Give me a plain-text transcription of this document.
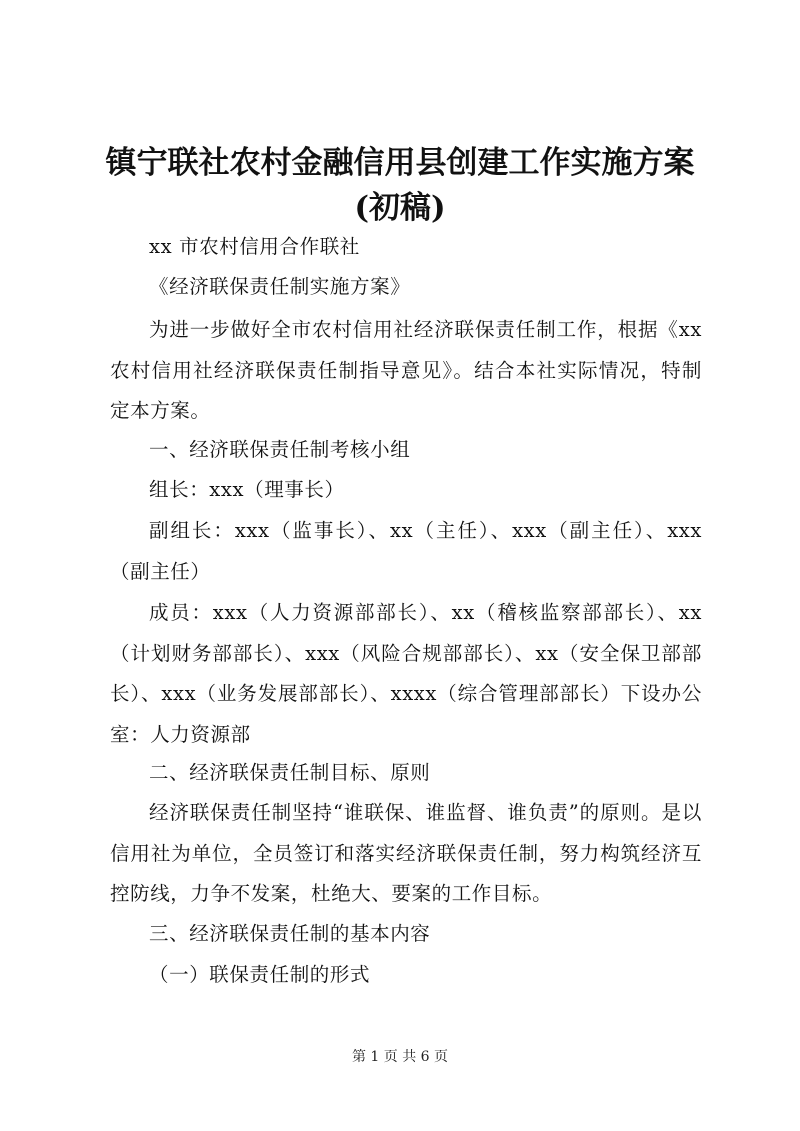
镇宁联社农村金融信用县创建工作实施方案
(初稿)

xx 市农村信用合作联社

《经济联保责任制实施方案》

为进一步做好全市农村信用社经济联保责任制工作，根据《xx农村信用社经济联保责任制指导意见》。结合本社实际情况，特制定本方案。

一、经济联保责任制考核小组

组长：xxx（理事长）

副组长：xxx（监事长）、xx（主任）、xxx（副主任）、xxx（副主任）

成员：xxx（人力资源部部长）、xx（稽核监察部部长）、xx（计划财务部部长）、xxx（风险合规部部长）、xx（安全保卫部部长）、xxx（业务发展部部长）、xxxx（综合管理部部长）下设办公室：人力资源部

二、经济联保责任制目标、原则

经济联保责任制坚持“谁联保、谁监督、谁负责”的原则。是以信用社为单位，全员签订和落实经济联保责任制，努力构筑经济互控防线，力争不发案，杜绝大、要案的工作目标。

三、经济联保责任制的基本内容

（一）联保责任制的形式

第 1 页 共 6 页
